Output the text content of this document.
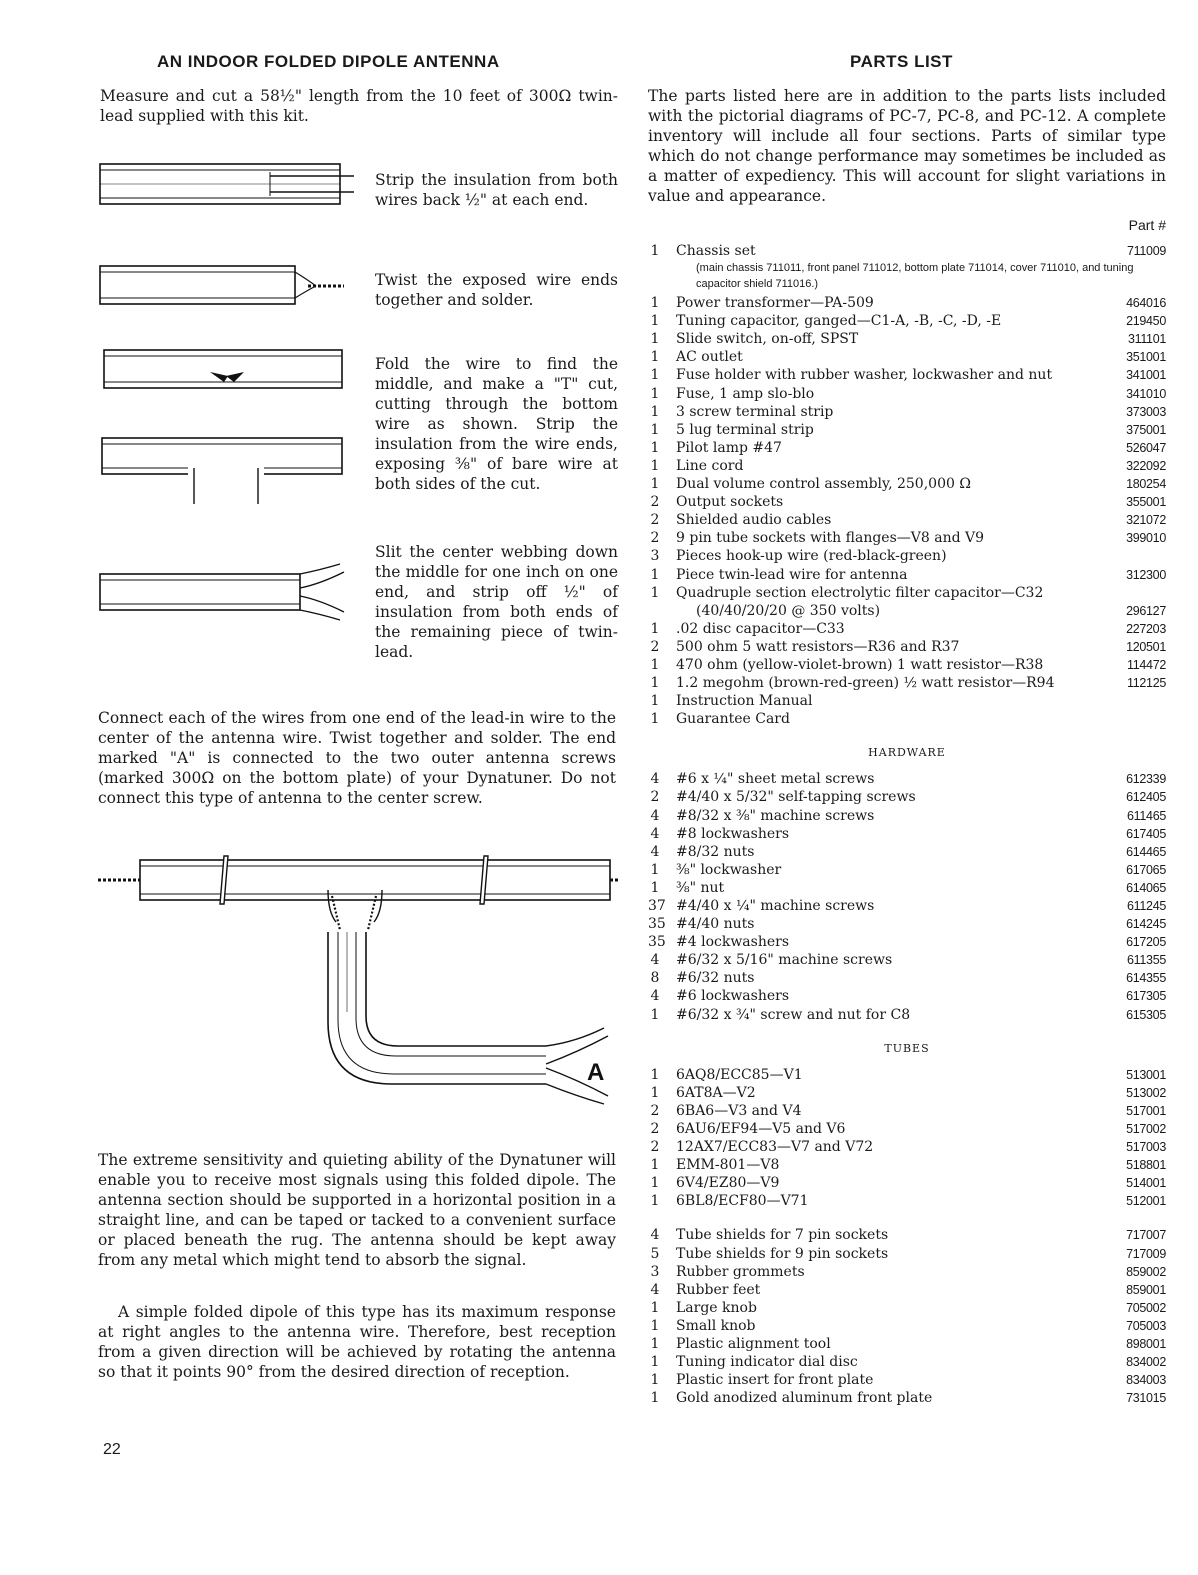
AN INDOOR FOLDED DIPOLE ANTENNA

Measure and cut a 58½" length from the 10 feet of 300Ω twin-lead supplied with this kit.

Strip the insulation from both wires back ½" at each end.

Twist the exposed wire ends together and solder.

Fold the wire to find the middle, and make a "T" cut, cutting through the bottom wire as shown. Strip the insulation from the wire ends, exposing ⅜" of bare wire at both sides of the cut.

Slit the center webbing down the middle for one inch on one end, and strip off ½" of insulation from both ends of the remaining piece of twin-lead.

Connect each of the wires from one end of the lead-in wire to the center of the antenna wire. Twist together and solder. The end marked "A" is connected to the two outer antenna screws (marked 300Ω on the bottom plate) of your Dynatuner. Do not connect this type of antenna to the center screw.

A

The extreme sensitivity and quieting ability of the Dynatuner will enable you to receive most signals using this folded dipole. The antenna section should be supported in a horizontal position in a straight line, and can be taped or tacked to a convenient surface or placed beneath the rug. The antenna should be kept away from any metal which might tend to absorb the signal.

A simple folded dipole of this type has its maximum response at right angles to the antenna wire. Therefore, best reception from a given direction will be achieved by rotating the antenna so that it points 90° from the desired direction of reception.

22
PARTS LIST

The parts listed here are in addition to the parts lists included with the pictorial diagrams of PC-7, PC-8, and PC-12. A complete inventory will include all four sections. Parts of similar type which do not change performance may sometimes be included as a matter of expediency. This will account for slight variations in value and appearance.

Part #
1 Chassis set	711009
(main chassis 711011, front panel 711012, bottom plate 711014, cover 711010, and tuning capacitor shield 711016.)
1 Power transformer—PA-509	464016
1 Tuning capacitor, ganged—C1-A, -B, -C, -D, -E	219450
1 Slide switch, on-off, SPST	311101
1 AC outlet	351001
1 Fuse holder with rubber washer, lockwasher and nut	341001
1 Fuse, 1 amp slo-blo	341010
1 3 screw terminal strip	373003
1 5 lug terminal strip	375001
1 Pilot lamp #47	526047
1 Line cord	322092
1 Dual volume control assembly, 250,000 Ω	180254
2 Output sockets	355001
2 Shielded audio cables	321072
2 9 pin tube sockets with flanges—V8 and V9	399010
3 Pieces hook-up wire (red-black-green)
1 Piece twin-lead wire for antenna	312300
1 Quadruple section electrolytic filter capacitor—C32
(40/40/20/20 @ 350 volts)	296127
1 .02 disc capacitor—C33	227203
2 500 ohm 5 watt resistors—R36 and R37	120501
1 470 ohm (yellow-violet-brown) 1 watt resistor—R38	114472
1 1.2 megohm (brown-red-green) ½ watt resistor—R94	112125
1 Instruction Manual
1 Guarantee Card
HARDWARE
4 #6 x ¼" sheet metal screws	612339
2 #4/40 x 5/32" self-tapping screws	612405
4 #8/32 x ⅜" machine screws	611465
4 #8 lockwashers	617405
4 #8/32 nuts	614465
1 ⅜" lockwasher	617065
1 ⅜" nut	614065
37 #4/40 x ¼" machine screws	611245
35 #4/40 nuts	614245
35 #4 lockwashers	617205
4 #6/32 x 5/16" machine screws	611355
8 #6/32 nuts	614355
4 #6 lockwashers	617305
1 #6/32 x ¾" screw and nut for C8	615305
TUBES
1 6AQ8/ECC85—V1	513001
1 6AT8A—V2	513002
2 6BA6—V3 and V4	517001
2 6AU6/EF94—V5 and V6	517002
2 12AX7/ECC83—V7 and V72	517003
1 EMM-801—V8	518801
1 6V4/EZ80—V9	514001
1 6BL8/ECF80—V71	512001
4 Tube shields for 7 pin sockets	717007
5 Tube shields for 9 pin sockets	717009
3 Rubber grommets	859002
4 Rubber feet	859001
1 Large knob	705002
1 Small knob	705003
1 Plastic alignment tool	898001
1 Tuning indicator dial disc	834002
1 Plastic insert for front plate	834003
1 Gold anodized aluminum front plate	731015
